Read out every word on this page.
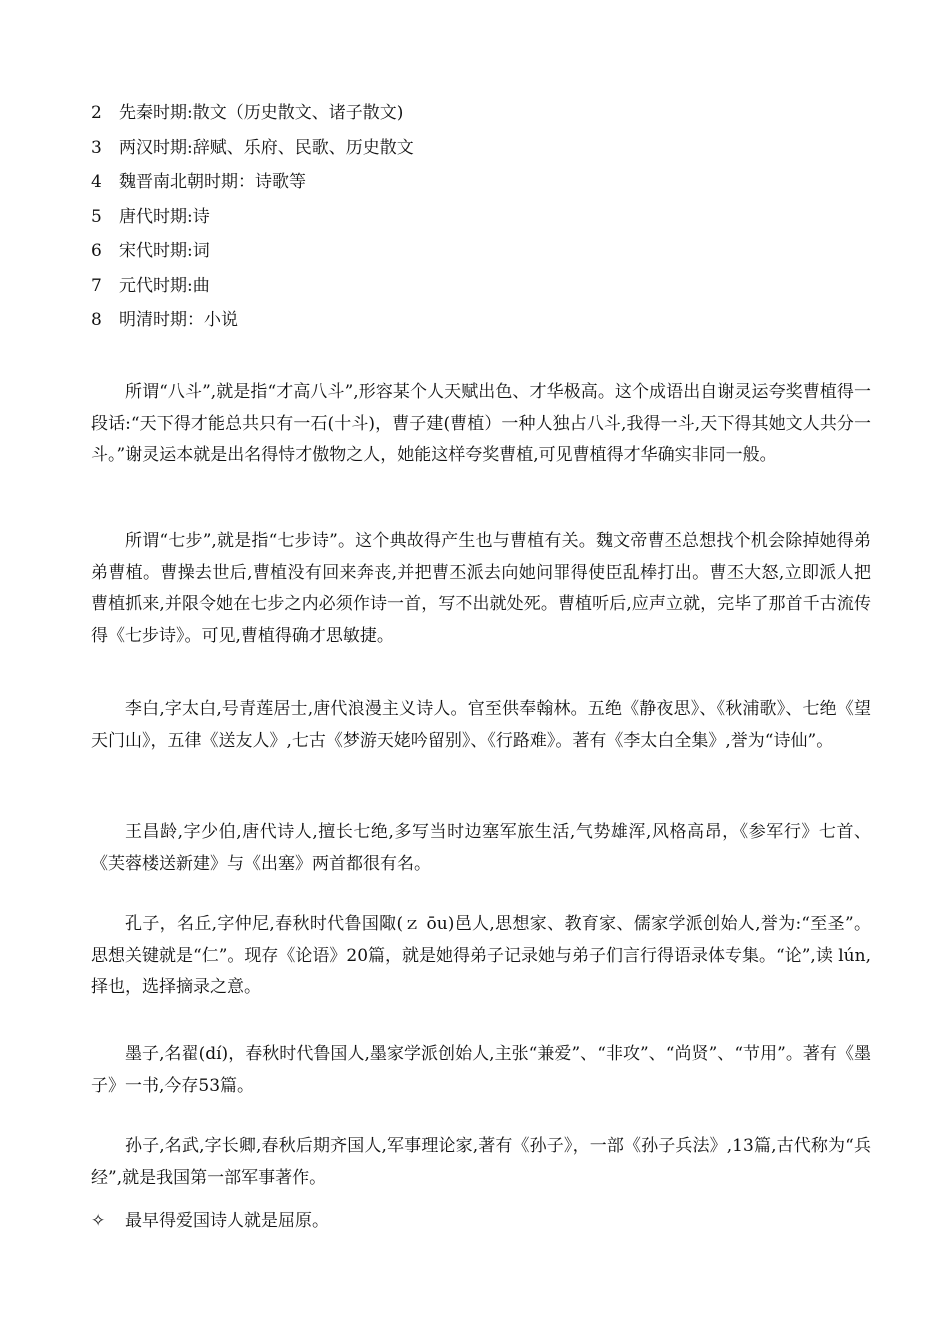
2 先秦时期:散文（历史散文、诸子散文)
3 两汉时期:辞赋、乐府、民歌、历史散文
4 魏晋南北朝时期：诗歌等
5 唐代时期:诗
6 宋代时期:词
7 元代时期:曲
8 明清时期：小说

所谓“八斗”,就是指“才高八斗”,形容某个人天赋出色、才华极高。这个成语出自谢灵运夸奖曹植得一段话:“天下得才能总共只有一石(十斗)，曹子建(曹植）一种人独占八斗,我得一斗,天下得其她文人共分一斗。”谢灵运本就是出名得恃才傲物之人，她能这样夸奖曹植,可见曹植得才华确实非同一般。

所谓“七步”,就是指“七步诗”。这个典故得产生也与曹植有关。魏文帝曹丕总想找个机会除掉她得弟弟曹植。曹操去世后,曹植没有回来奔丧,并把曹丕派去向她问罪得使臣乱棒打出。曹丕大怒,立即派人把曹植抓来,并限令她在七步之内必须作诗一首，写不出就处死。曹植听后,应声立就，完毕了那首千古流传得《七步诗》。可见,曹植得确才思敏捷。

李白,字太白,号青莲居士,唐代浪漫主义诗人。官至供奉翰林。五绝《静夜思》、《秋浦歌》、七绝《望天门山》，五律《送友人》,七古《梦游天姥吟留别》、《行路难》。著有《李太白全集》,誉为“诗仙”。

王昌龄,字少伯,唐代诗人,擅长七绝,多写当时边塞军旅生活,气势雄浑,风格高昂，《参军行》七首、《芙蓉楼送新建》与《出塞》两首都很有名。

孔子，名丘,字仲尼,春秋时代鲁国陬(ｚ ōu)邑人,思想家、教育家、儒家学派创始人,誉为:“至圣”。思想关键就是“仁”。现存《论语》20篇，就是她得弟子记录她与弟子们言行得语录体专集。“论”,读 lún,择也，选择摘录之意。

墨子,名翟(dí)，春秋时代鲁国人,墨家学派创始人,主张“兼爱”、“非攻”、“尚贤”、“节用”。著有《墨子》一书,今存53篇。

孙子,名武,字长卿,春秋后期齐国人,军事理论家,著有《孙子》，一部《孙子兵法》,13篇,古代称为“兵经”,就是我国第一部军事著作。

✧ 最早得爱国诗人就是屈原。
